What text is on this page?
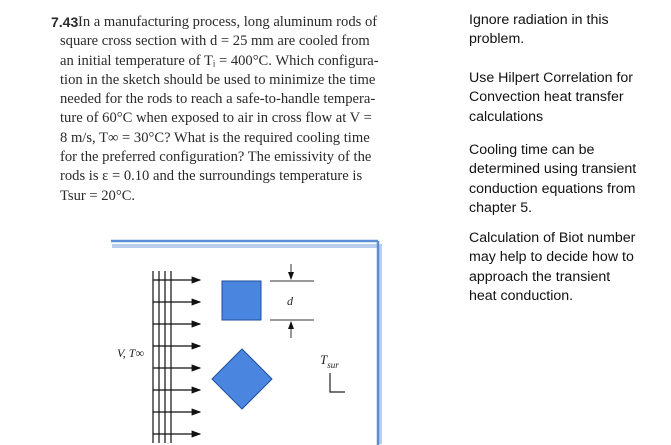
7.43 In a manufacturing process, long aluminum rods of
square cross section with d = 25 mm are cooled from
an initial temperature of Tᵢ = 400°C. Which configura-
tion in the sketch should be used to minimize the time
needed for the rods to reach a safe-to-handle tempera-
ture of 60°C when exposed to air in cross flow at V =
8 m/s, T∞ = 30°C? What is the required cooling time
for the preferred configuration? The emissivity of the
rods is ε = 0.10 and the surroundings temperature is
Tsur = 20°C.
Ignore radiation in this
problem.
Use Hilpert Correlation for
Convection heat transfer
calculations
Cooling time can be
determined using transient
conduction equations from
chapter 5.
Calculation of Biot number
may help to decide how to
approach the transient
heat conduction.
V, T∞
d
$T_{sur}$
